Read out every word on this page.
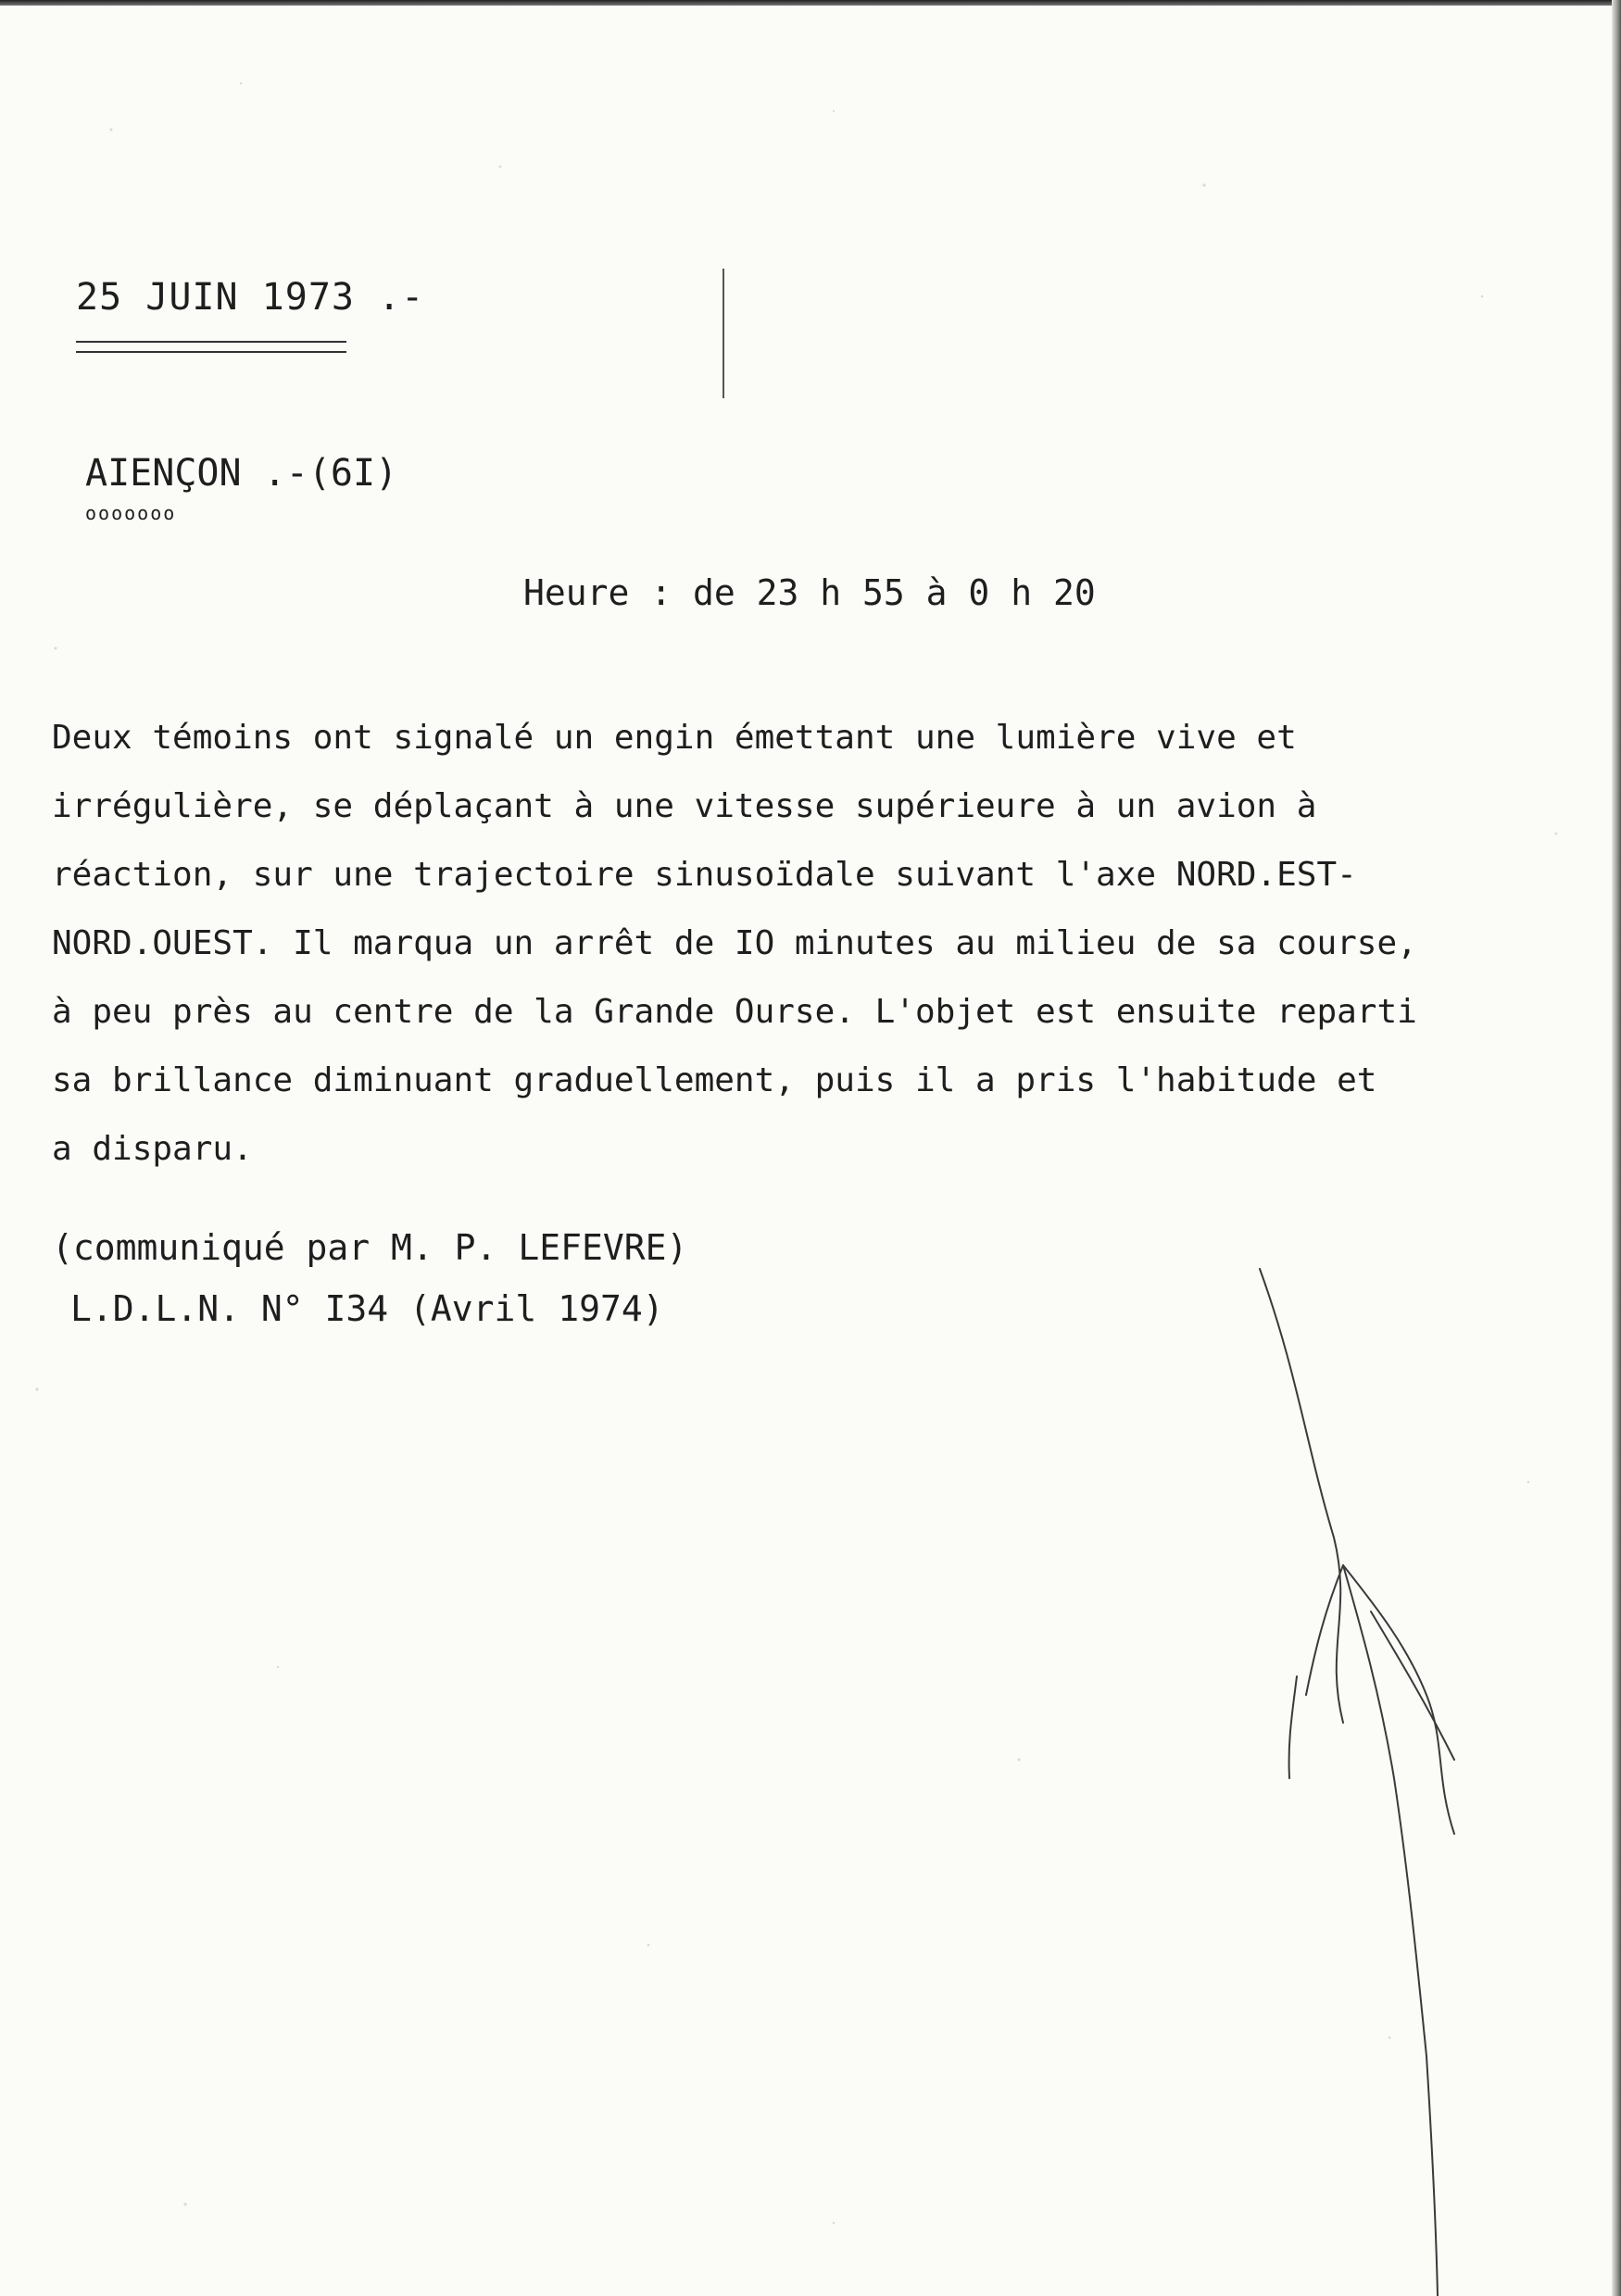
25 JUIN 1973 .-
AIENÇON .-(6I)
ooooooo
Heure : de 23 h 55 à 0 h 20
Deux témoins ont signalé un engin émettant une lumière vive et
irrégulière, se déplaçant à une vitesse supérieure à un avion à
réaction, sur une trajectoire sinusoïdale suivant l'axe NORD.EST-
NORD.OUEST. Il marqua un arrêt de IO minutes au milieu de sa course,
à peu près au centre de la Grande Ourse. L'objet est ensuite reparti
sa brillance diminuant graduellement, puis il a pris l'habitude et
a disparu.
(communiqué par M. P. LEFEVRE)
L.D.L.N. N° I34 (Avril 1974)
